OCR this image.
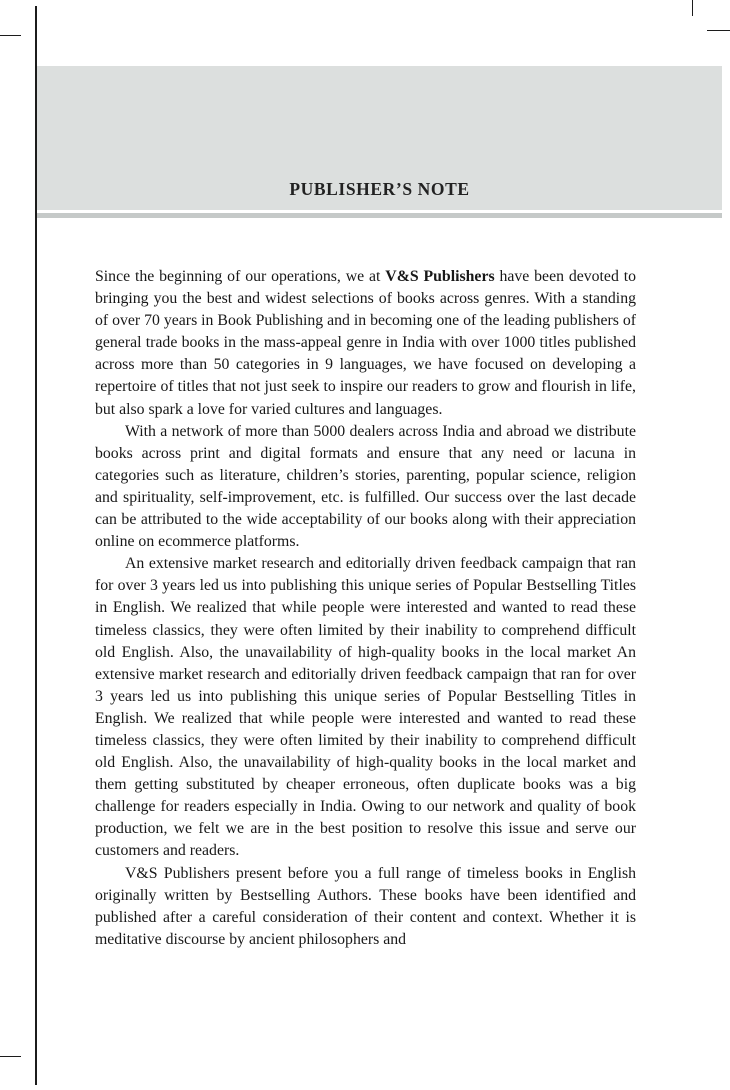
PUBLISHER’S NOTE

Since the beginning of our operations, we at V&S Publishers have been devoted to bringing you the best and widest selections of books across genres. With a standing of over 70 years in Book Publishing and in becoming one of the leading publishers of general trade books in the mass-appeal genre in India with over 1000 titles published across more than 50 categories in 9 languages, we have focused on developing a repertoire of titles that not just seek to inspire our readers to grow and flourish in life, but also spark a love for varied cultures and languages.

With a network of more than 5000 dealers across India and abroad we distribute books across print and digital formats and ensure that any need or lacuna in categories such as literature, children’s stories, parenting, popular science, religion and spirituality, self-improvement, etc. is fulfilled. Our success over the last decade can be attributed to the wide acceptability of our books along with their appreciation online on ecommerce platforms.

An extensive market research and editorially driven feedback campaign that ran for over 3 years led us into publishing this unique series of Popular Bestselling Titles in English. We realized that while people were interested and wanted to read these timeless classics, they were often limited by their inability to comprehend difficult old English. Also, the unavailability of high-quality books in the local market An extensive market research and editorially driven feedback campaign that ran for over 3 years led us into publishing this unique series of Popular Bestselling Titles in English. We realized that while people were interested and wanted to read these timeless classics, they were often limited by their inability to comprehend difficult old English. Also, the unavailability of high-quality books in the local market and them getting substituted by cheaper erroneous, often duplicate books was a big challenge for readers especially in India. Owing to our network and quality of book production, we felt we are in the best position to resolve this issue and serve our customers and readers.

V&S Publishers present before you a full range of timeless books in English originally written by Bestselling Authors. These books have been identified and published after a careful consideration of their content and context. Whether it is meditative discourse by ancient philosophers and
